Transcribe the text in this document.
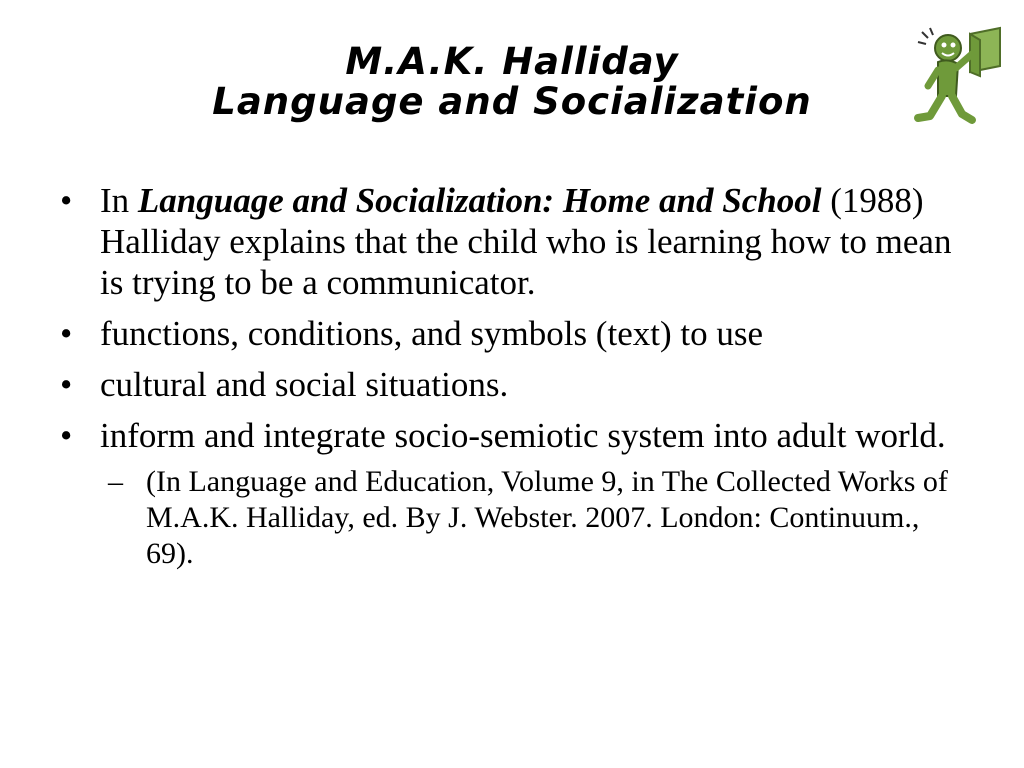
M.A.K. Halliday
Language and Socialization
• In Language and Socialization: Home and School (1988) Halliday explains that the child who is learning how to mean is trying to be a communicator.
• functions, conditions, and symbols (text) to use
• cultural and social situations.
• inform and integrate socio-semiotic system into adult world.
– (In Language and Education, Volume 9, in The Collected Works of M.A.K. Halliday, ed. By J. Webster. 2007. London: Continuum., 69).
